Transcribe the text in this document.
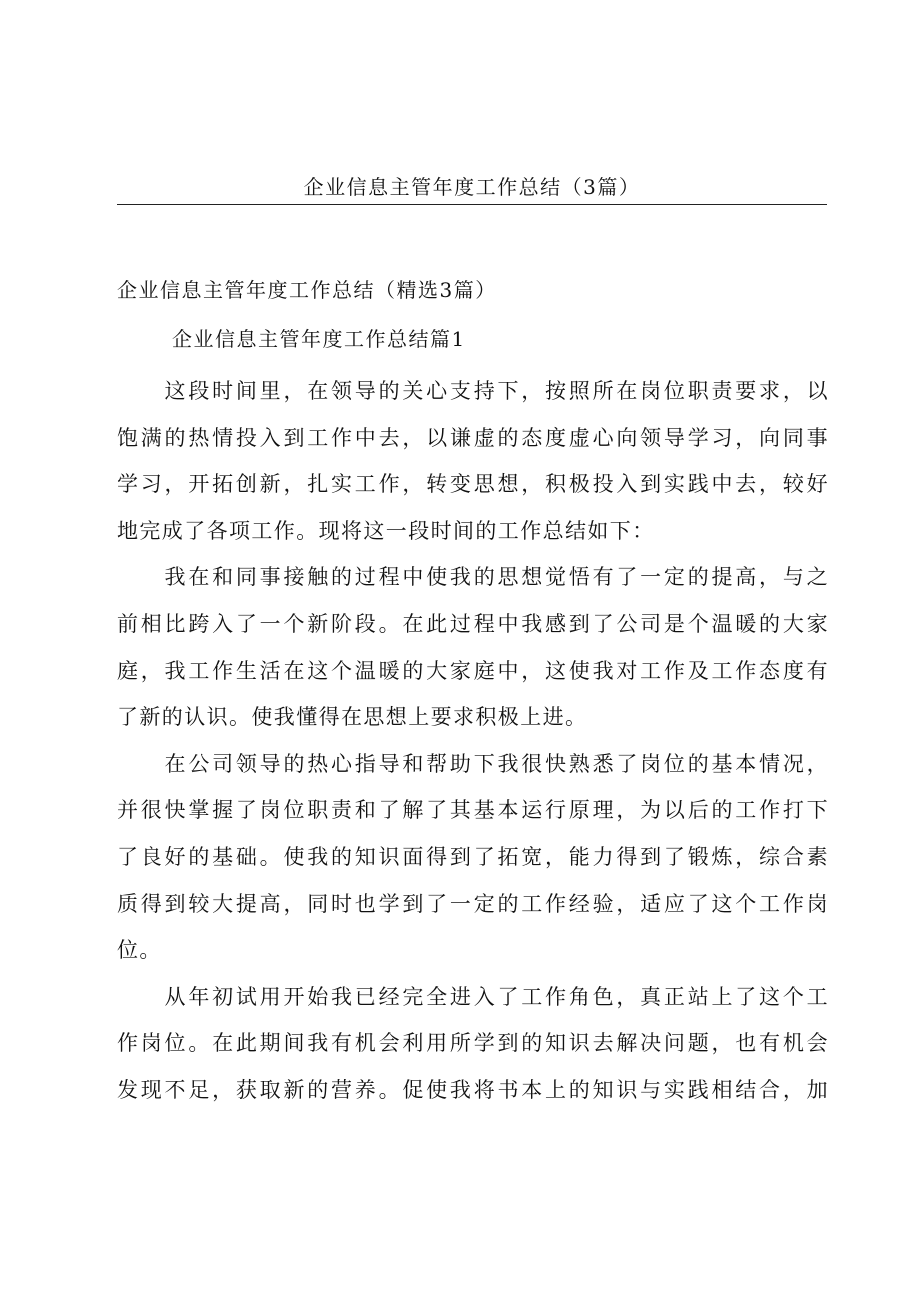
企业信息主管年度工作总结（3篇）
企业信息主管年度工作总结（精选3篇）
企业信息主管年度工作总结篇1
　　这段时间里，在领导的关心支持下，按照所在岗位职责要求，以
饱满的热情投入到工作中去，以谦虚的态度虚心向领导学习，向同事
学习，开拓创新，扎实工作，转变思想，积极投入到实践中去，较好
地完成了各项工作。现将这一段时间的工作总结如下：
　　我在和同事接触的过程中使我的思想觉悟有了一定的提高，与之
前相比跨入了一个新阶段。在此过程中我感到了公司是个温暖的大家
庭，我工作生活在这个温暖的大家庭中，这使我对工作及工作态度有
了新的认识。使我懂得在思想上要求积极上进。
　　在公司领导的热心指导和帮助下我很快熟悉了岗位的基本情况，
并很快掌握了岗位职责和了解了其基本运行原理，为以后的工作打下
了良好的基础。使我的知识面得到了拓宽，能力得到了锻炼，综合素
质得到较大提高，同时也学到了一定的工作经验，适应了这个工作岗
位。
　　从年初试用开始我已经完全进入了工作角色，真正站上了这个工
作岗位。在此期间我有机会利用所学到的知识去解决问题，也有机会
发现不足，获取新的营养。促使我将书本上的知识与实践相结合，加
